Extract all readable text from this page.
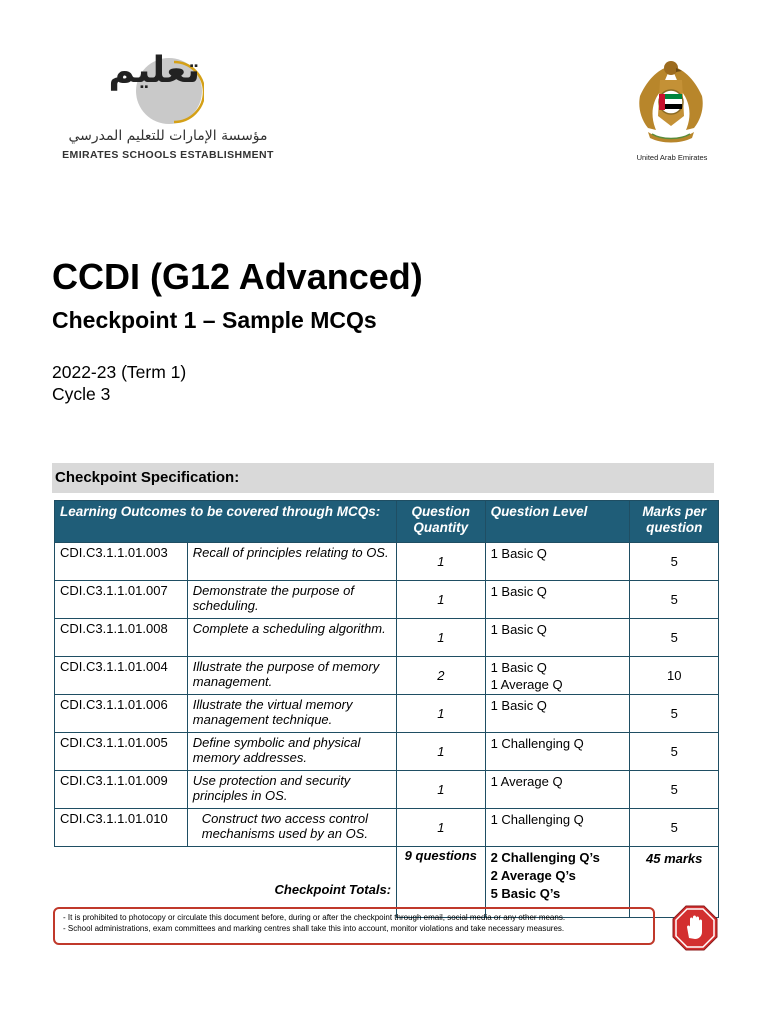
تعليم
مؤسسة الإمارات للتعليم المدرسي
EMIRATES SCHOOLS ESTABLISHMENT	United Arab Emirates
CCDI (G12 Advanced)
Checkpoint 1 – Sample MCQs
2022-23 (Term 1)
Cycle 3
Checkpoint Specification:
Learning Outcomes to be covered through MCQs:		Question Quantity	Question Level	Marks per question
CDI.C3.1.1.01.003	Recall of principles relating to OS.	1	1 Basic Q	5
CDI.C3.1.1.01.007	Demonstrate the purpose of scheduling.	1	1 Basic Q	5
CDI.C3.1.1.01.008	Complete a scheduling algorithm.	1	1 Basic Q	5
CDI.C3.1.1.01.004	Illustrate the purpose of memory management.	2	1 Basic Q
1 Average Q	10
CDI.C3.1.1.01.006	Illustrate the virtual memory management technique.	1	1 Basic Q	5
CDI.C3.1.1.01.005	Define symbolic and physical memory addresses.	1	1 Challenging Q	5
CDI.C3.1.1.01.009	Use protection and security principles in OS.	1	1 Average Q	5
CDI.C3.1.1.01.010	Construct two access control mechanisms used by an OS.	1	1 Challenging Q	5
Checkpoint Totals:		9 questions	2 Challenging Q’s
2 Average Q’s
5 Basic Q’s	45 marks
- It is prohibited to photocopy or circulate this document before, during or after the checkpoint through email, social media or any other means.
- School administrations, exam committees and marking centres shall take this into account, monitor violations and take necessary measures.
